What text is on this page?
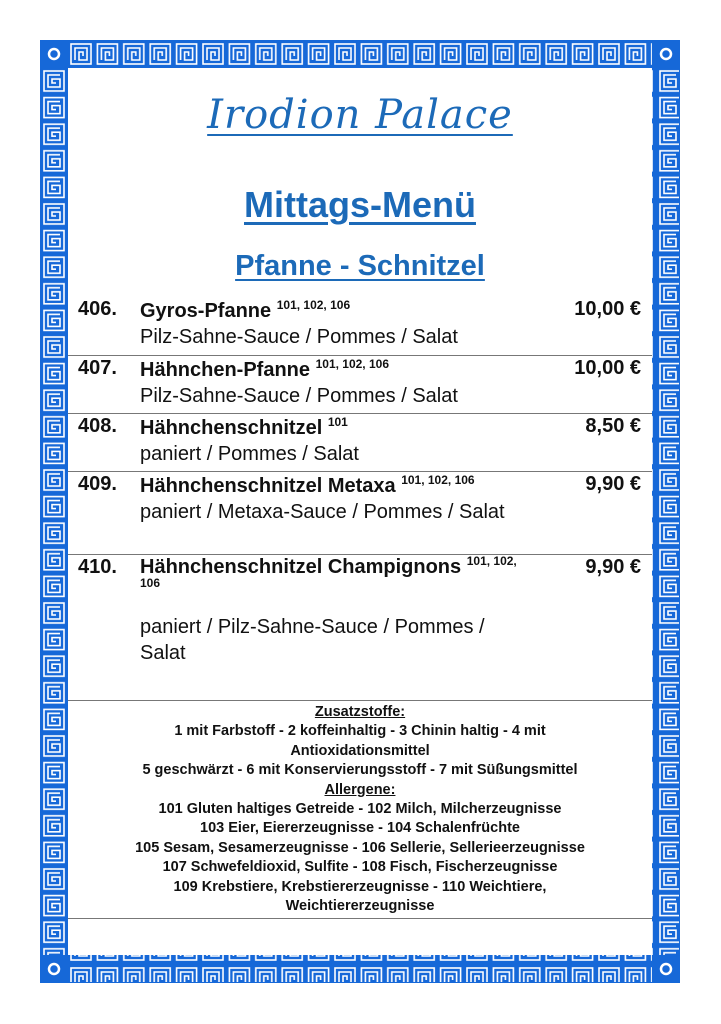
Irodion Palace
Mittags-Menü
Pfanne - Schnitzel
406. Gyros-Pfanne $^{101, 102, 106}$
Pilz-Sahne-Sauce / Pommes / Salat
10,00 €
407. Hähnchen-Pfanne $^{101, 102, 106}$
Pilz-Sahne-Sauce / Pommes / Salat
10,00 €
408. Hähnchenschnitzel $^{101}$
paniert / Pommes / Salat
8,50 €
409. Hähnchenschnitzel Metaxa $^{101, 102, 106}$
paniert / Metaxa-Sauce / Pommes / Salat
9,90 €
410. Hähnchenschnitzel Champignons $^{101, 102, 106}$
paniert / Pilz-Sahne-Sauce / Pommes / Salat
9,90 €
Zusatzstoffe:
1 mit Farbstoff - 2 koffeinhaltig - 3 Chinin haltig - 4 mit Antioxidationsmittel
5 geschwärzt - 6 mit Konservierungsstoff - 7 mit Süßungsmittel
Allergene:
101 Gluten haltiges Getreide - 102 Milch, Milcherzeugnisse
103 Eier, Eiererzeugnisse - 104 Schalenfrüchte
105 Sesam, Sesamerzeugnisse - 106 Sellerie, Sellerieerzeugnisse
107 Schwefeldioxid, Sulfite - 108 Fisch, Fischerzeugnisse
109 Krebstiere, Krebstiererzeugnisse - 110 Weichtiere, Weichtiererzeugnisse
